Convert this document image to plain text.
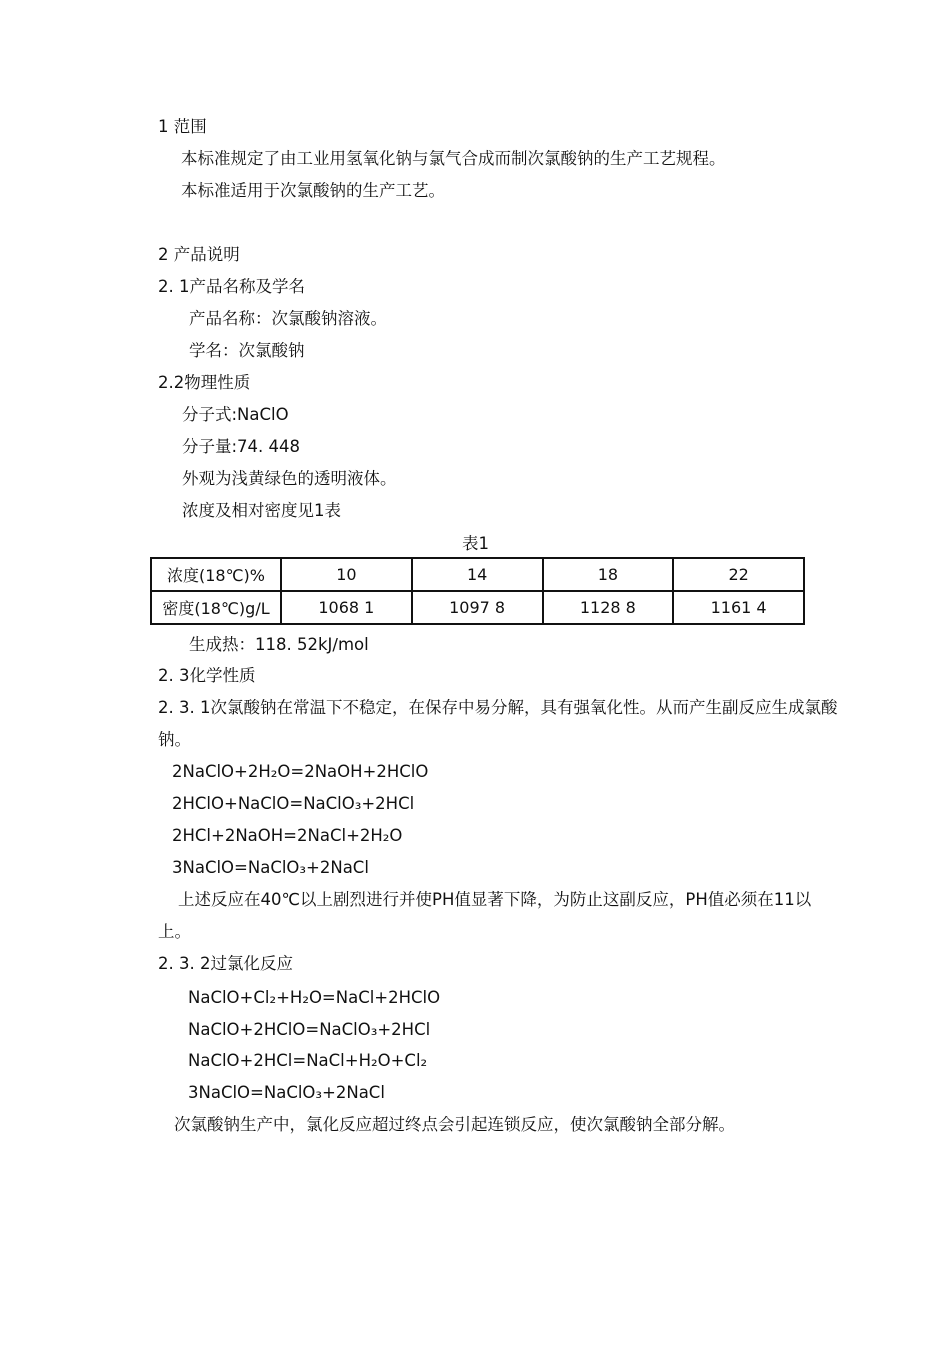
1 范围
本标准规定了由工业用氢氧化钠与氯气合成而制次氯酸钠的生产工艺规程。
本标准适用于次氯酸钠的生产工艺。
2 产品说明
2. 1产品名称及学名
产品名称：次氯酸钠溶液。
学名：次氯酸钠
2.2物理性质
分子式:NaClO
分子量:74. 448
外观为浅黄绿色的透明液体。
浓度及相对密度见1表
表1
浓度(18℃)%	10	14	18	22
密度(18℃)g/L	1068 1	1097 8	1128 8	1161 4
生成热：118. 52kJ∕mol
2. 3化学性质
2. 3. 1次氯酸钠在常温下不稳定，在保存中易分解，具有强氧化性。从而产生副反应生成氯酸
钠。
2NaClO+2H₂O=2NaOH+2HClO
2HClO+NaClO=NaClO₃+2HCl
2HCl+2NaOH=2NaCl+2H₂O
3NaClO=NaClO₃+2NaCl
上述反应在40℃以上剧烈进行并使PH值显著下降，为防止这副反应，PH值必须在11以
上。
2. 3. 2过氯化反应
NaClO+Cl₂+H₂O=NaCl+2HClO
NaClO+2HClO=NaClO₃+2HCl
NaClO+2HCl=NaCl+H₂O+Cl₂
3NaClO=NaClO₃+2NaCl
次氯酸钠生产中，氯化反应超过终点会引起连锁反应，使次氯酸钠全部分解。
